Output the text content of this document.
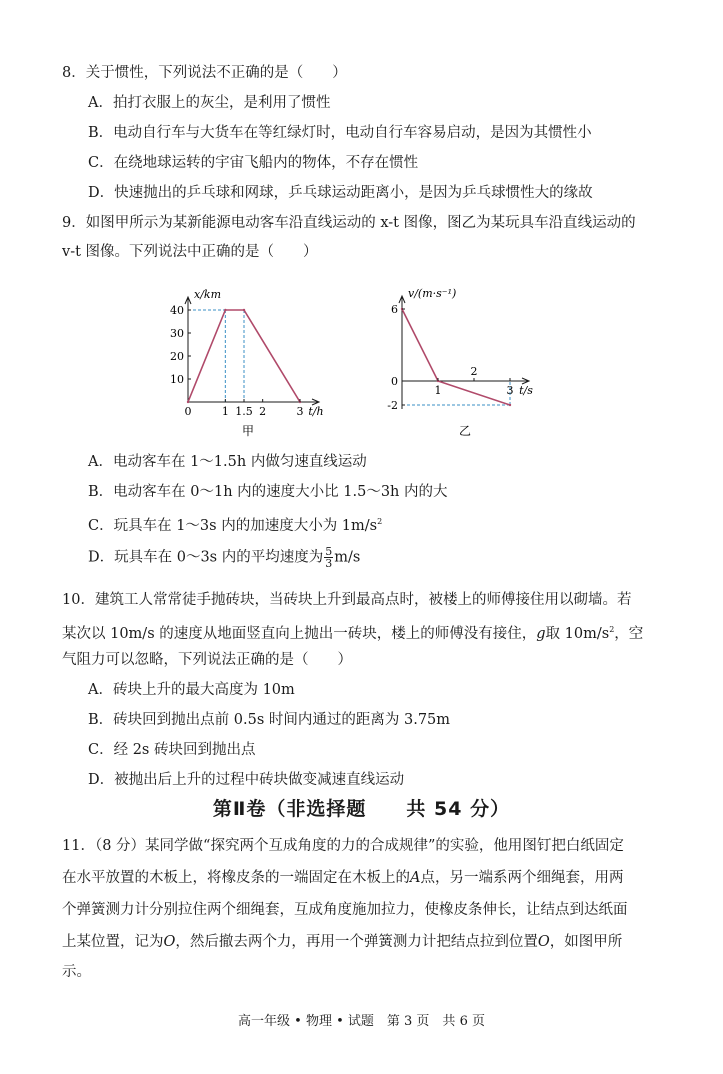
8．关于惯性，下列说法不正确的是（　　）
A．拍打衣服上的灰尘，是利用了惯性
B．电动自行车与大货车在等红绿灯时，电动自行车容易启动，是因为其惯性小
C．在绕地球运转的宇宙飞船内的物体，不存在惯性
D．快速抛出的乒乓球和网球，乒乓球运动距离小，是因为乒乓球惯性大的缘故
9．如图甲所示为某新能源电动客车沿直线运动的 x-t 图像，图乙为某玩具车沿直线运动的
v-t 图像。下列说法中正确的是（　　）
0	1 1.5 2	3
10
20
30
40
x/km
t/h
甲
1
2
3
6
0
-2
v/(m·s⁻¹)
t/s
乙
A．电动客车在 1～1.5h 内做匀速直线运动
B．电动客车在 0～1h 内的速度大小比 1.5～3h 内的大
C．玩具车在 1～3s 内的加速度大小为 $1m/s^2$
D．玩具车在 0～3s 内的平均速度为 $\frac{5}{3} m/s$
10．建筑工人常常徒手抛砖块，当砖块上升到最高点时，被楼上的师傅接住用以砌墙。若
某次以 10m/s 的速度从地面竖直向上抛出一砖块，楼上的师傅没有接住，g取 $10m/s^2$，空
气阻力可以忽略，下列说法正确的是（　　）
A．砖块上升的最大高度为 10m
B．砖块回到抛出点前 0.5s 时间内通过的距离为 3.75m
C．经 2s 砖块回到抛出点
D．被抛出后上升的过程中砖块做变减速直线运动
第Ⅱ卷（非选择题　　共 54 分）
11．（8 分）某同学做“探究两个互成角度的力的合成规律”的实验，他用图钉把白纸固定
在水平放置的木板上，将橡皮条的一端固定在木板上的A点，另一端系两个细绳套，用两
个弹簧测力计分别拉住两个细绳套，互成角度施加拉力，使橡皮条伸长，让结点到达纸面
上某位置，记为O，然后撤去两个力，再用一个弹簧测力计把结点拉到位置O，如图甲所
示。
高一年级 • 物理 • 试题　第 3 页　共 6 页
